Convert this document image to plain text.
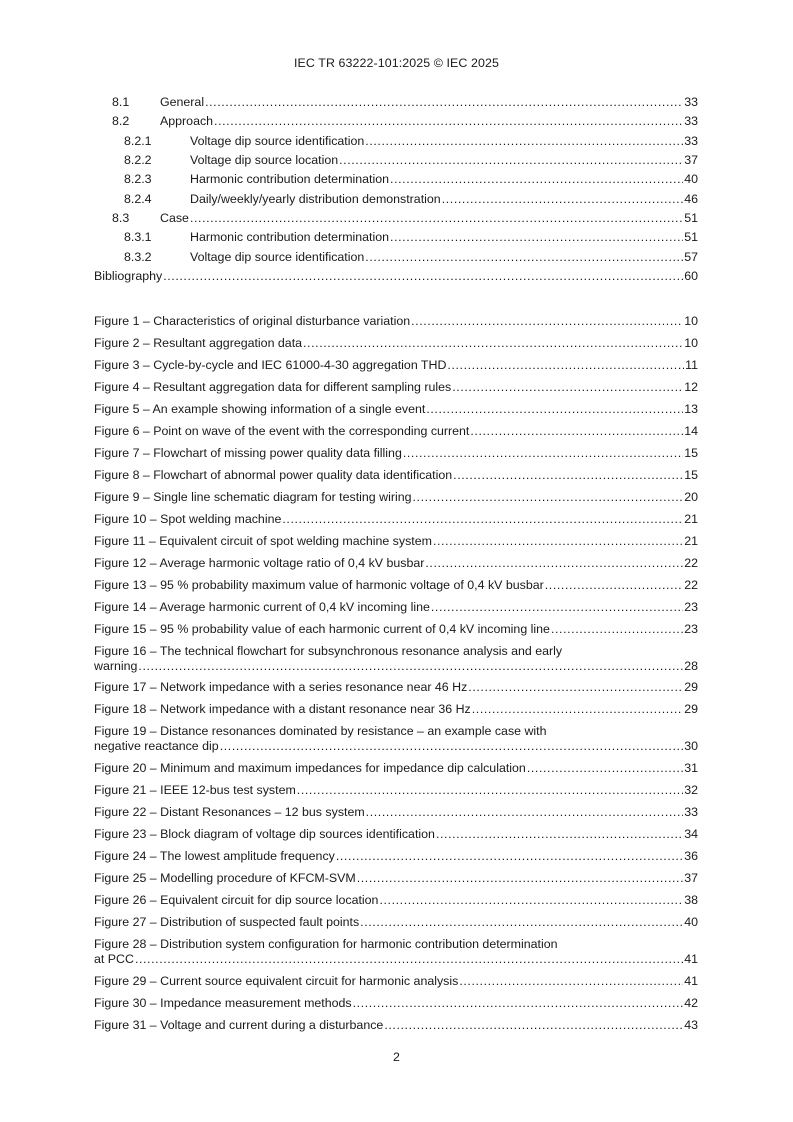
IEC TR 63222-101:2025 © IEC 2025
8.1	General .....	33
8.2	Approach .....	33
8.2.1	Voltage dip source identification .....	33
8.2.2	Voltage dip source location .....	37
8.2.3	Harmonic contribution determination .....	40
8.2.4	Daily/weekly/yearly distribution demonstration .....	46
8.3	Case .....	51
8.3.1	Harmonic contribution determination .....	51
8.3.2	Voltage dip source identification .....	57
Bibliography .....	60
Figure 1 – Characteristics of original disturbance variation .....	10
Figure 2 – Resultant aggregation data .....	10
Figure 3 – Cycle-by-cycle and IEC 61000-4-30 aggregation THD .....	11
Figure 4 – Resultant aggregation data for different sampling rules .....	12
Figure 5 – An example showing information of a single event .....	13
Figure 6 – Point on wave of the event with the corresponding current .....	14
Figure 7 – Flowchart of missing power quality data filling .....	15
Figure 8 – Flowchart of abnormal power quality data identification .....	15
Figure 9 – Single line schematic diagram for testing wiring .....	20
Figure 10 – Spot welding machine .....	21
Figure 11 – Equivalent circuit of spot welding machine system .....	21
Figure 12 – Average harmonic voltage ratio of 0,4 kV busbar .....	22
Figure 13 – 95 % probability maximum value of harmonic voltage of 0,4 kV busbar .....	22
Figure 14 – Average harmonic current of 0,4 kV incoming line .....	23
Figure 15 – 95 % probability value of each harmonic current of 0,4 kV incoming line .....	23
Figure 16 – The technical flowchart for subsynchronous resonance analysis and early
warning .....	28
Figure 17 – Network impedance with a series resonance near 46 Hz .....	29
Figure 18 – Network impedance with a distant resonance near 36 Hz .....	29
Figure 19 – Distance resonances dominated by resistance – an example case with
negative reactance dip .....	30
Figure 20 – Minimum and maximum impedances for impedance dip calculation .....	31
Figure 21 – IEEE 12-bus test system .....	32
Figure 22 – Distant Resonances – 12 bus system .....	33
Figure 23 – Block diagram of voltage dip sources identification .....	34
Figure 24 – The lowest amplitude frequency .....	36
Figure 25 – Modelling procedure of KFCM-SVM .....	37
Figure 26 – Equivalent circuit for dip source location .....	38
Figure 27 – Distribution of suspected fault points .....	40
Figure 28 – Distribution system configuration for harmonic contribution determination
at PCC .....	41
Figure 29 – Current source equivalent circuit for harmonic analysis .....	41
Figure 30 – Impedance measurement methods .....	42
Figure 31 – Voltage and current during a disturbance .....	43
2
